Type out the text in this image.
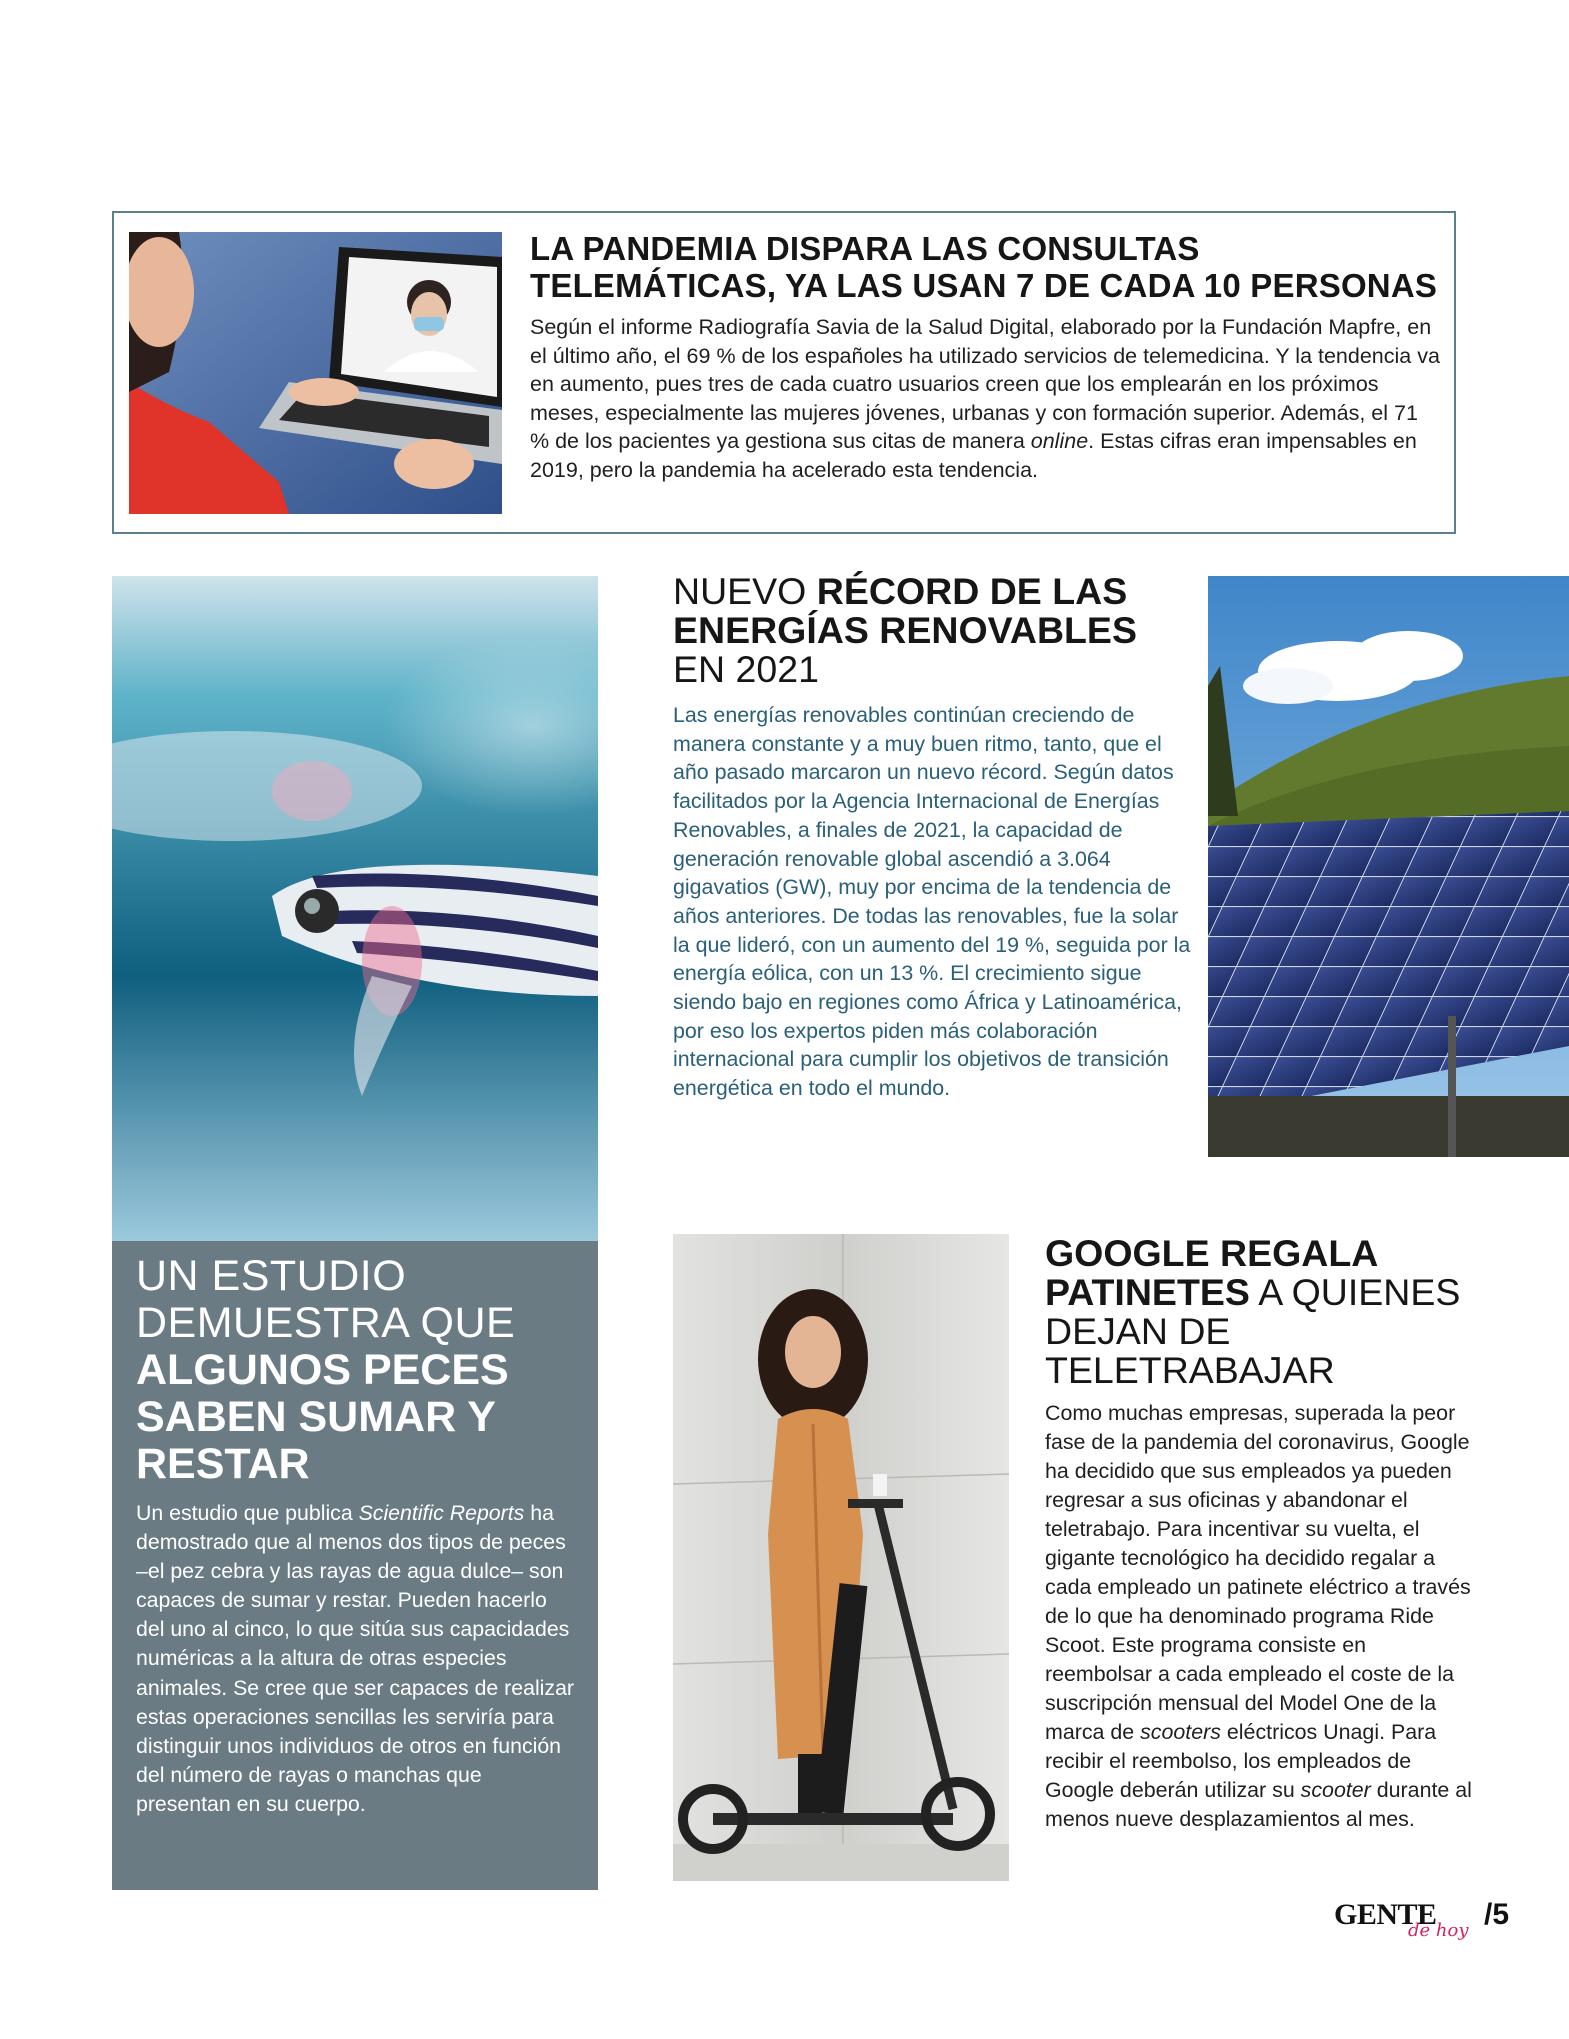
LA PANDEMIA DISPARA LAS CONSULTAS TELEMÁTICAS, YA LAS USAN 7 DE CADA 10 PERSONAS
Según el informe Radiografía Savia de la Salud Digital, elaborado por la Fundación Mapfre, en el último año, el 69 % de los españoles ha utilizado servicios de telemedicina. Y la tendencia va en aumento, pues tres de cada cuatro usuarios creen que los emplearán en los próximos meses, especialmente las mujeres jóvenes, urbanas y con formación superior. Además, el 71 % de los pacientes ya gestiona sus citas de manera online. Estas cifras eran impensables en 2019, pero la pandemia ha acelerado esta tendencia.
UN ESTUDIO DEMUESTRA QUE
ALGUNOS PECES SABEN SUMAR Y RESTAR
Un estudio que publica Scientific Reports ha demostrado que al menos dos tipos de peces –el pez cebra y las rayas de agua dulce– son capaces de sumar y restar. Pueden hacerlo del uno al cinco, lo que sitúa sus capacidades numéricas a la altura de otras especies animales. Se cree que ser capaces de realizar estas operaciones sencillas les serviría para distinguir unos individuos de otros en función del número de rayas o manchas que presentan en su cuerpo.
NUEVO RÉCORD DE LAS ENERGÍAS RENOVABLES EN 2021
Las energías renovables continúan creciendo de manera constante y a muy buen ritmo, tanto, que el año pasado marcaron un nuevo récord. Según datos facilitados por la Agencia Internacional de Energías Renovables, a finales de 2021, la capacidad de generación renovable global ascendió a 3.064 gigavatios (GW), muy por encima de la tendencia de años anteriores. De todas las renovables, fue la solar la que lideró, con un aumento del 19 %, seguida por la energía eólica, con un 13 %. El crecimiento sigue siendo bajo en regiones como África y Latinoamérica, por eso los expertos piden más colaboración internacional para cumplir los objetivos de transición energética en todo el mundo.
GOOGLE REGALA PATINETES A QUIENES DEJAN DE TELETRABAJAR
Como muchas empresas, superada la peor fase de la pandemia del coronavirus, Google ha decidido que sus empleados ya pueden regresar a sus oficinas y abandonar el teletrabajo. Para incentivar su vuelta, el gigante tecnológico ha decidido regalar a cada empleado un patinete eléctrico a través de lo que ha denominado programa Ride Scoot. Este programa consiste en reembolsar a cada empleado el coste de la suscripción mensual del Model One de la marca de scooters eléctricos Unagi. Para recibir el reembolso, los empleados de Google deberán utilizar su scooter durante al menos nueve desplazamientos al mes.
GENTE
de hoy /5
